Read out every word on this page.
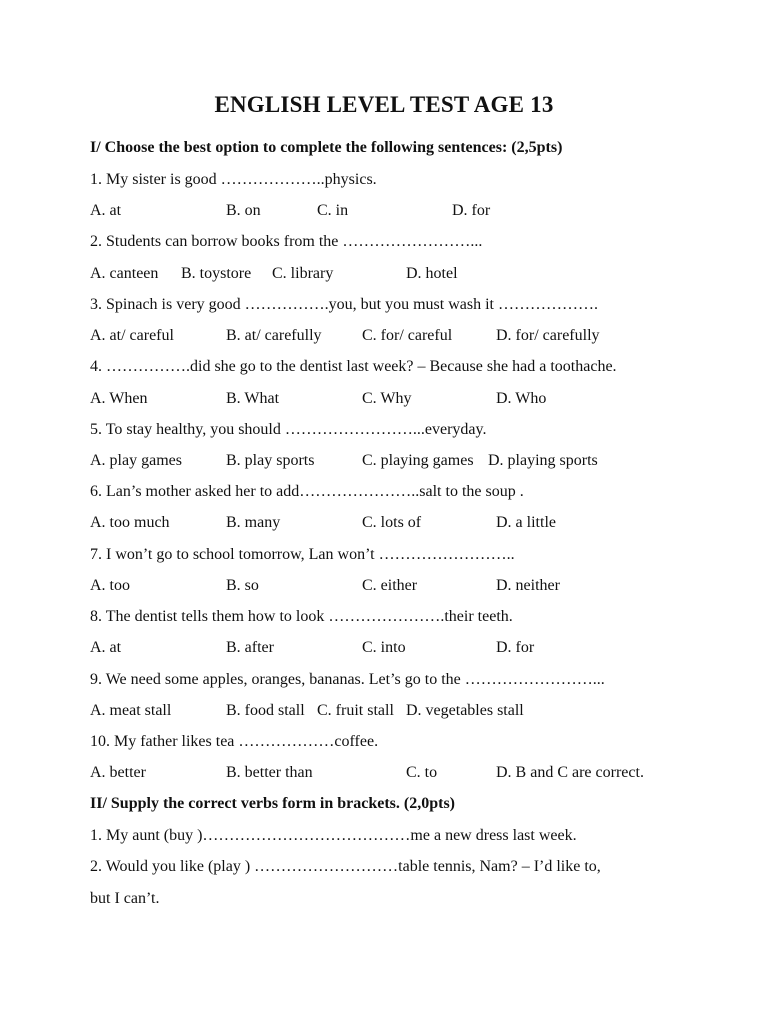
ENGLISH LEVEL TEST AGE 13
I/ Choose the best option to complete the following sentences: (2,5pts)
1. My sister is good ………………..physics.
A. at	B. on	C. in	D. for
2. Students can borrow books from the ……………………...
A. canteen B. toystore C. library	D. hotel
3. Spinach is very good …………….you, but you must wash it ……………….
A. at/ careful	B. at/ carefully	C. for/ careful	D. for/ carefully
4. …………….did she go to the dentist last week? – Because she had a toothache.
A. When	B. What	C. Why	D. Who
5. To stay healthy, you should ……………………...everyday.
A. play games	B. play sports	C. playing games D. playing sports
6. Lan’s mother asked her to add…………………..salt to the soup .
A. too much	B. many	C. lots of	D. a little
7. I won’t go to school tomorrow, Lan won’t ……………………..
A. too	B. so	C. either	D. neither
8. The dentist tells them how to look ………………….their teeth.
A. at	B. after	C. into	D. for
9. We need some apples, oranges, bananas. Let’s go to the ……………………...
A. meat stall	B. food stall C. fruit stall D. vegetables stall
10. My father likes tea ………………coffee.
A. better	B. better than	C. to	D. B and C are correct.
II/ Supply the correct verbs form in brackets. (2,0pts)
1. My aunt (buy )…………………………………me a new dress last week.
2. Would you like (play ) ………………………table tennis, Nam? – I’d like to,
but I can’t.
